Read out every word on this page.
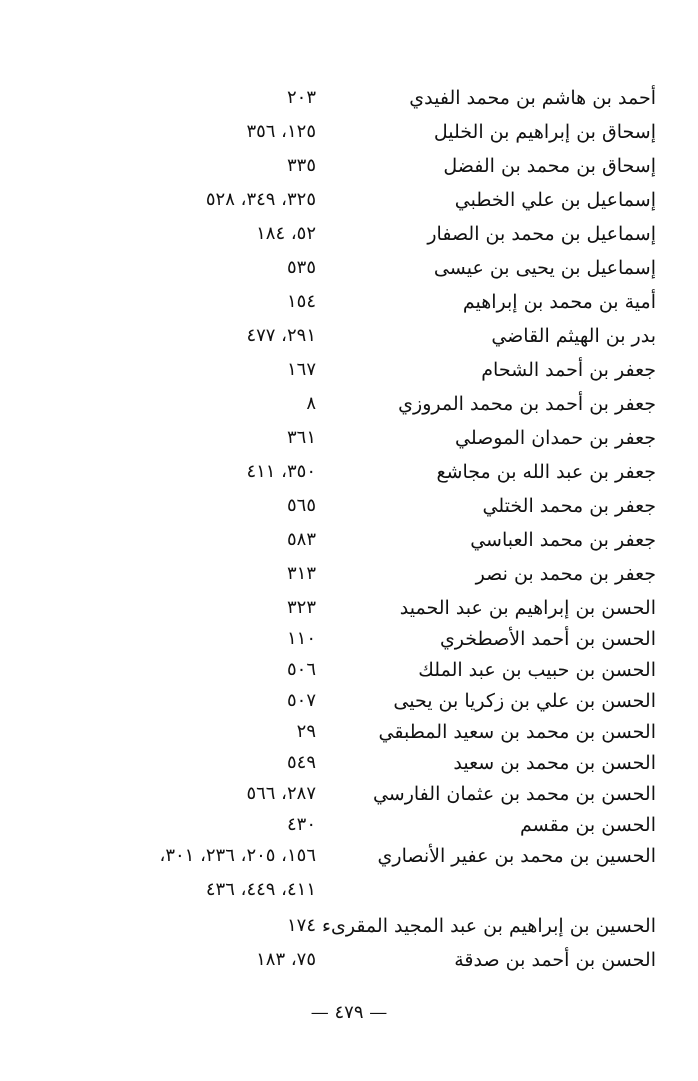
أحمد بن هاشم بن محمد الفيدي
٢٠٣
إسحاق بن إبراهيم بن الخليل
١٢٥، ٣٥٦
إسحاق بن محمد بن الفضل
٣٣٥
إسماعيل بن علي الخطبي
٣٢٥، ٣٤٩، ٥٢٨
إسماعيل بن محمد بن الصفار
٥٢، ١٨٤
إسماعيل بن يحيى بن عيسى
٥٣٥
أمية بن محمد بن إبراهيم
١٥٤
بدر بن الهيثم القاضي
٢٩١، ٤٧٧
جعفر بن أحمد الشحام
١٦٧
جعفر بن أحمد بن محمد المروزي
٨
جعفر بن حمدان الموصلي
٣٦١
جعفر بن عبد الله بن مجاشع
٣٥٠، ٤١١
جعفر بن محمد الختلي
٥٦٥
جعفر بن محمد العباسي
٥٨٣
جعفر بن محمد بن نصر
٣١٣
الحسن بن إبراهيم بن عبد الحميد
٣٢٣
الحسن بن أحمد الأصطخري
١١٠
الحسن بن حبيب بن عبد الملك
٥٠٦
الحسن بن علي بن زكريا بن يحيى
٥٠٧
الحسن بن محمد بن سعيد المطبقي
٢٩
الحسن بن محمد بن سعيد
٥٤٩
الحسن بن محمد بن عثمان الفارسي
٢٨٧، ٥٦٦
الحسن بن مقسم
٤٣٠
الحسين بن محمد بن عفير الأنصاري
١٥٦، ٢٠٥، ٢٣٦، ٣٠١،
٤١١، ٤٤٩، ٤٣٦
الحسين بن إبراهيم بن عبد المجيد المقرىء
١٧٤
الحسن بن أحمد بن صدقة
٧٥، ١٨٣
— ٤٧٩ —
